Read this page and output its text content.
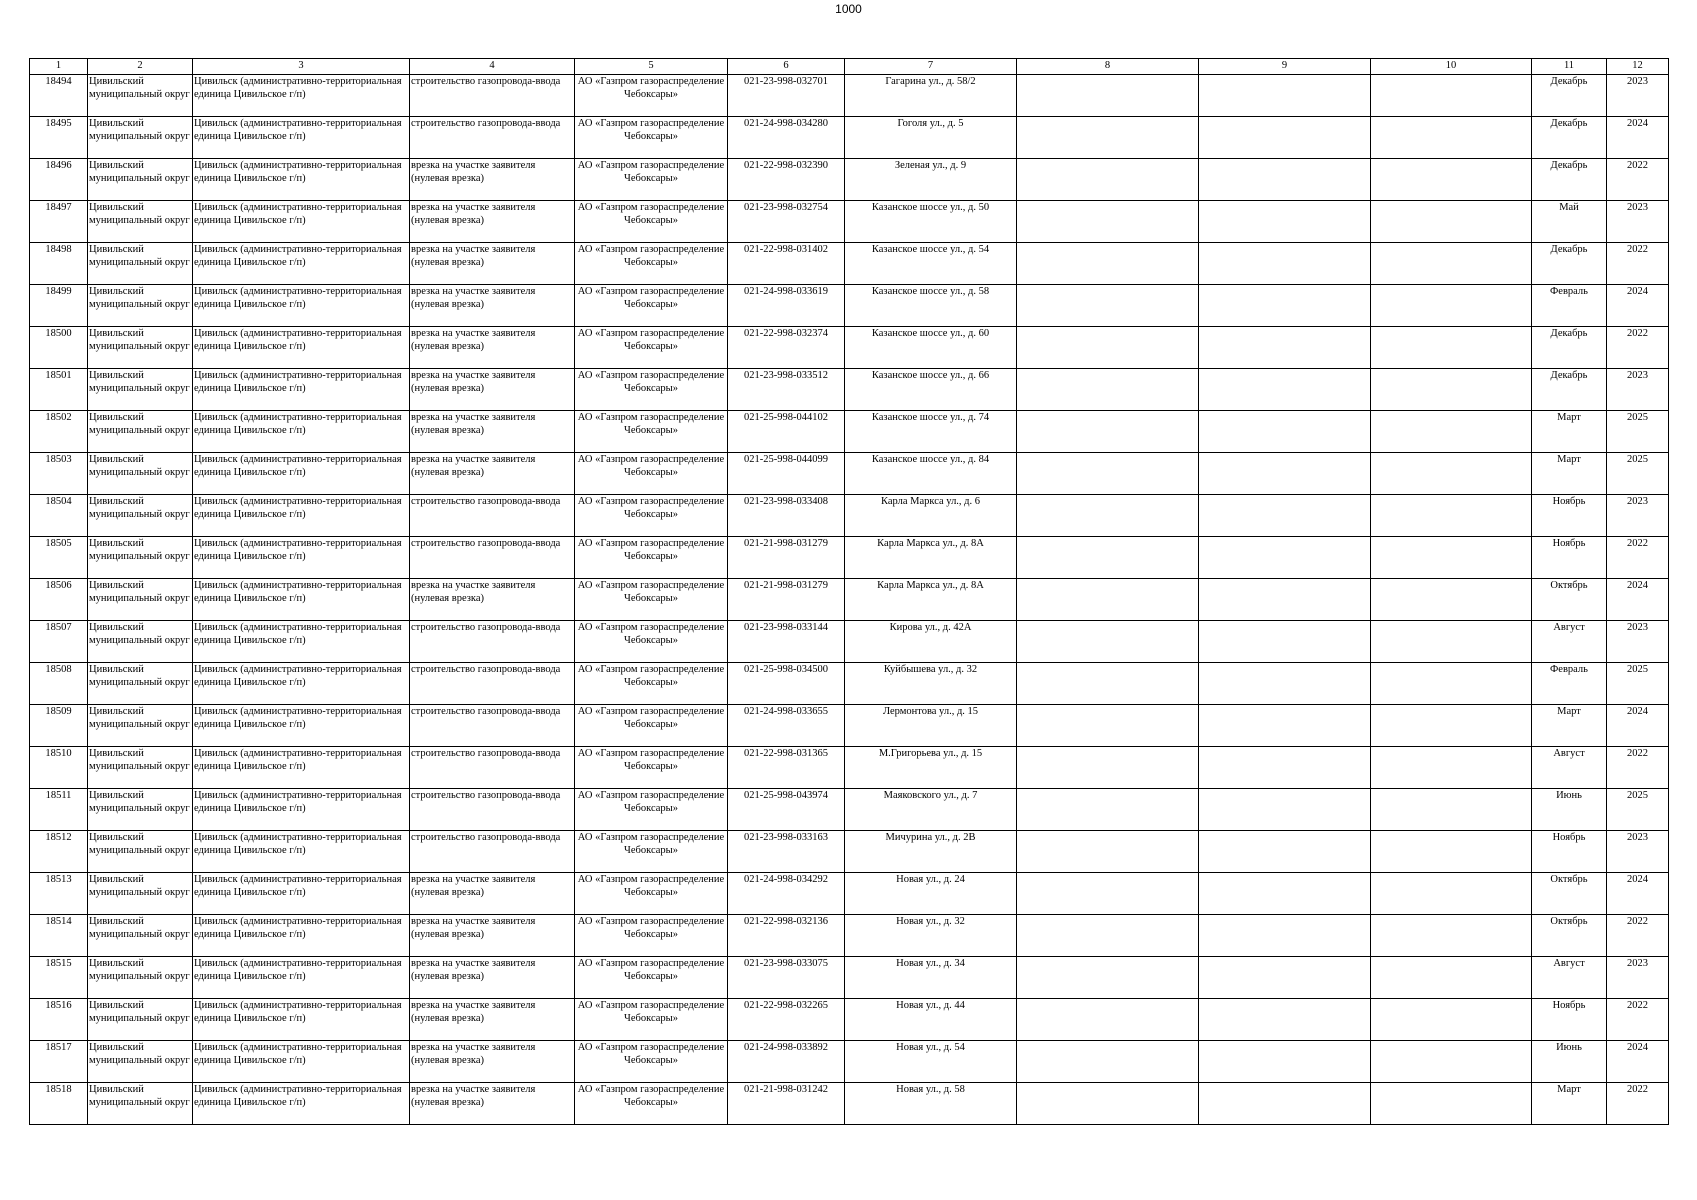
1000
1	2	3	4	5	6	7	8	9	10	11	12

18494	Цивильский муниципальный округ	Цивильск (административно-территориальная единица Цивильское г/п)	строительство газопровода-ввода	АО «Газпром газораспределение Чебоксары»	021-23-998-032701	Гагарина ул., д. 58/2				Декабрь	2023

18495	Цивильский муниципальный округ	Цивильск (административно-территориальная единица Цивильское г/п)	строительство газопровода-ввода	АО «Газпром газораспределение Чебоксары»	021-24-998-034280	Гоголя ул., д. 5				Декабрь	2024

18496	Цивильский муниципальный округ	Цивильск (административно-территориальная единица Цивильское г/п)	врезка на участке заявителя (нулевая врезка)	АО «Газпром газораспределение Чебоксары»	021-22-998-032390	Зеленая ул., д. 9				Декабрь	2022

18497	Цивильский муниципальный округ	Цивильск (административно-территориальная единица Цивильское г/п)	врезка на участке заявителя (нулевая врезка)	АО «Газпром газораспределение Чебоксары»	021-23-998-032754	Казанское шоссе ул., д. 50				Май	2023

18498	Цивильский муниципальный округ	Цивильск (административно-территориальная единица Цивильское г/п)	врезка на участке заявителя (нулевая врезка)	АО «Газпром газораспределение Чебоксары»	021-22-998-031402	Казанское шоссе ул., д. 54				Декабрь	2022

18499	Цивильский муниципальный округ	Цивильск (административно-территориальная единица Цивильское г/п)	врезка на участке заявителя (нулевая врезка)	АО «Газпром газораспределение Чебоксары»	021-24-998-033619	Казанское шоссе ул., д. 58				Февраль	2024

18500	Цивильский муниципальный округ	Цивильск (административно-территориальная единица Цивильское г/п)	врезка на участке заявителя (нулевая врезка)	АО «Газпром газораспределение Чебоксары»	021-22-998-032374	Казанское шоссе ул., д. 60				Декабрь	2022

18501	Цивильский муниципальный округ	Цивильск (административно-территориальная единица Цивильское г/п)	врезка на участке заявителя (нулевая врезка)	АО «Газпром газораспределение Чебоксары»	021-23-998-033512	Казанское шоссе ул., д. 66				Декабрь	2023

18502	Цивильский муниципальный округ	Цивильск (административно-территориальная единица Цивильское г/п)	врезка на участке заявителя (нулевая врезка)	АО «Газпром газораспределение Чебоксары»	021-25-998-044102	Казанское шоссе ул., д. 74				Март	2025

18503	Цивильский муниципальный округ	Цивильск (административно-территориальная единица Цивильское г/п)	врезка на участке заявителя (нулевая врезка)	АО «Газпром газораспределение Чебоксары»	021-25-998-044099	Казанское шоссе ул., д. 84				Март	2025

18504	Цивильский муниципальный округ	Цивильск (административно-территориальная единица Цивильское г/п)	строительство газопровода-ввода	АО «Газпром газораспределение Чебоксары»	021-23-998-033408	Карла Маркса ул., д. 6				Ноябрь	2023

18505	Цивильский муниципальный округ	Цивильск (административно-территориальная единица Цивильское г/п)	строительство газопровода-ввода	АО «Газпром газораспределение Чебоксары»	021-21-998-031279	Карла Маркса ул., д. 8А				Ноябрь	2022

18506	Цивильский муниципальный округ	Цивильск (административно-территориальная единица Цивильское г/п)	врезка на участке заявителя (нулевая врезка)	АО «Газпром газораспределение Чебоксары»	021-21-998-031279	Карла Маркса ул., д. 8А				Октябрь	2024

18507	Цивильский муниципальный округ	Цивильск (административно-территориальная единица Цивильское г/п)	строительство газопровода-ввода	АО «Газпром газораспределение Чебоксары»	021-23-998-033144	Кирова ул., д. 42А				Август	2023

18508	Цивильский муниципальный округ	Цивильск (административно-территориальная единица Цивильское г/п)	строительство газопровода-ввода	АО «Газпром газораспределение Чебоксары»	021-25-998-034500	Куйбышева ул., д. 32				Февраль	2025

18509	Цивильский муниципальный округ	Цивильск (административно-территориальная единица Цивильское г/п)	строительство газопровода-ввода	АО «Газпром газораспределение Чебоксары»	021-24-998-033655	Лермонтова ул., д. 15				Март	2024

18510	Цивильский муниципальный округ	Цивильск (административно-территориальная единица Цивильское г/п)	строительство газопровода-ввода	АО «Газпром газораспределение Чебоксары»	021-22-998-031365	М.Григорьева ул., д. 15				Август	2022

18511	Цивильский муниципальный округ	Цивильск (административно-территориальная единица Цивильское г/п)	строительство газопровода-ввода	АО «Газпром газораспределение Чебоксары»	021-25-998-043974	Маяковского ул., д. 7				Июнь	2025

18512	Цивильский муниципальный округ	Цивильск (административно-территориальная единица Цивильское г/п)	строительство газопровода-ввода	АО «Газпром газораспределение Чебоксары»	021-23-998-033163	Мичурина ул., д. 2В				Ноябрь	2023

18513	Цивильский муниципальный округ	Цивильск (административно-территориальная единица Цивильское г/п)	врезка на участке заявителя (нулевая врезка)	АО «Газпром газораспределение Чебоксары»	021-24-998-034292	Новая ул., д. 24				Октябрь	2024

18514	Цивильский муниципальный округ	Цивильск (административно-территориальная единица Цивильское г/п)	врезка на участке заявителя (нулевая врезка)	АО «Газпром газораспределение Чебоксары»	021-22-998-032136	Новая ул., д. 32				Октябрь	2022

18515	Цивильский муниципальный округ	Цивильск (административно-территориальная единица Цивильское г/п)	врезка на участке заявителя (нулевая врезка)	АО «Газпром газораспределение Чебоксары»	021-23-998-033075	Новая ул., д. 34				Август	2023

18516	Цивильский муниципальный округ	Цивильск (административно-территориальная единица Цивильское г/п)	врезка на участке заявителя (нулевая врезка)	АО «Газпром газораспределение Чебоксары»	021-22-998-032265	Новая ул., д. 44				Ноябрь	2022

18517	Цивильский муниципальный округ	Цивильск (административно-территориальная единица Цивильское г/п)	врезка на участке заявителя (нулевая врезка)	АО «Газпром газораспределение Чебоксары»	021-24-998-033892	Новая ул., д. 54				Июнь	2024

18518	Цивильский муниципальный округ	Цивильск (административно-территориальная единица Цивильское г/п)	врезка на участке заявителя (нулевая врезка)	АО «Газпром газораспределение Чебоксары»	021-21-998-031242	Новая ул., д. 58				Март	2022
